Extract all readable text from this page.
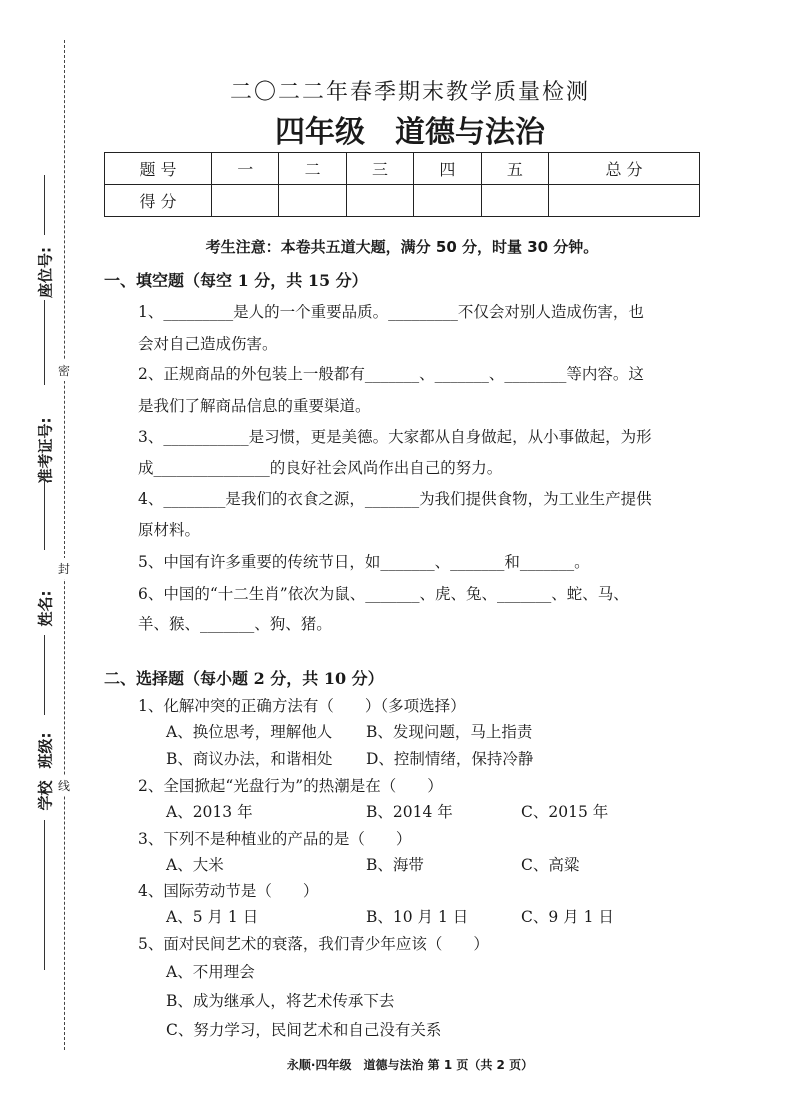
座位号:
准考证号:
姓名:
班级:
学校
密
封
线
二〇二二年春季期末教学质量检测
四年级　道德与法治
题 号	一	二	三	四	五	总 分
得 分						
考生注意：本卷共五道大题，满分 50 分，时量 30 分钟。
一、填空题（每空 1 分，共 15 分）
1、_________是人的一个重要品质。_________不仅会对别人造成伤害，也
会对自己造成伤害。
2、正规商品的外包装上一般都有_______、_______、________等内容。这
是我们了解商品信息的重要渠道。
3、___________是习惯，更是美德。大家都从自身做起，从小事做起，为形
成_______________的良好社会风尚作出自己的努力。
4、________是我们的衣食之源，_______为我们提供食物，为工业生产提供
原材料。
5、中国有许多重要的传统节日，如_______、_______和_______。
6、中国的“十二生肖”依次为鼠、_______、虎、兔、_______、蛇、马、
羊、猴、_______、狗、猪。
二、选择题（每小题 2 分，共 10 分）
1、化解冲突的正确方法有（　　）（多项选择）
A、换位思考，理解他人 B、发现问题，马上指责
B、商议办法，和谐相处 D、控制情绪，保持冷静
2、全国掀起“光盘行为”的热潮是在（　　）
A、2013 年	B、2014 年	C、2015 年
3、下列不是种植业的产品的是（　　）
A、大米	B、海带	C、高粱
4、国际劳动节是（　　）
A、5 月 1 日	B、10 月 1 日	C、9 月 1 日
5、面对民间艺术的衰落，我们青少年应该（　　）
A、不用理会
B、成为继承人，将艺术传承下去
C、努力学习，民间艺术和自己没有关系
永顺·四年级　道德与法治 第 1 页（共 2 页）
